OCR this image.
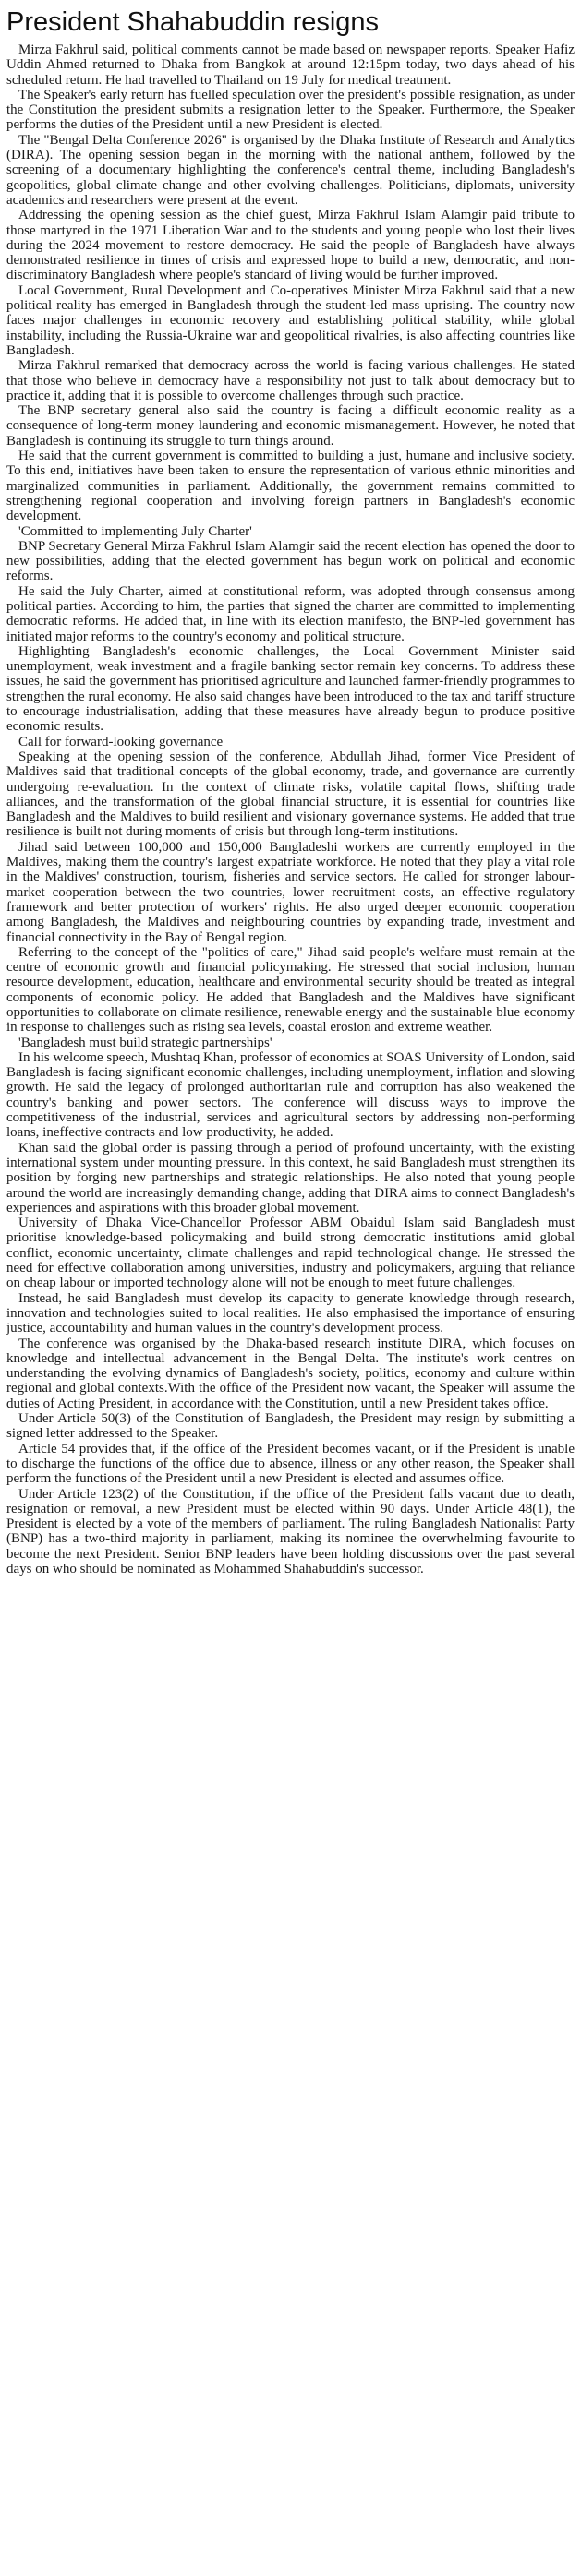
President Shahabuddin resigns

Mirza Fakhrul said, political comments cannot be made based on newspaper reports. Speaker Hafiz Uddin Ahmed returned to Dhaka from Bangkok at around 12:15pm today, two days ahead of his scheduled return. He had travelled to Thailand on 19 July for medical treatment.

The Speaker's early return has fuelled speculation over the president's possible resignation, as under the Constitution the president submits a resignation letter to the Speaker. Furthermore, the Speaker performs the duties of the President until a new President is elected.

The "Bengal Delta Conference 2026" is organised by the Dhaka Institute of Research and Analytics (DIRA). The opening session began in the morning with the national anthem, followed by the screening of a documentary highlighting the conference's central theme, including Bangladesh's geopolitics, global climate change and other evolving challenges. Politicians, diplomats, university academics and researchers were present at the event.

Addressing the opening session as the chief guest, Mirza Fakhrul Islam Alamgir paid tribute to those martyred in the 1971 Liberation War and to the students and young people who lost their lives during the 2024 movement to restore democracy. He said the people of Bangladesh have always demonstrated resilience in times of crisis and expressed hope to build a new, democratic, and non-discriminatory Bangladesh where people's standard of living would be further improved.

Local Government, Rural Development and Co-operatives Minister Mirza Fakhrul said that a new political reality has emerged in Bangladesh through the student-led mass uprising. The country now faces major challenges in economic recovery and establishing political stability, while global instability, including the Russia-Ukraine war and geopolitical rivalries, is also affecting countries like Bangladesh.

Mirza Fakhrul remarked that democracy across the world is facing various challenges. He stated that those who believe in democracy have a responsibility not just to talk about democracy but to practice it, adding that it is possible to overcome challenges through such practice.

The BNP secretary general also said the country is facing a difficult economic reality as a consequence of long-term money laundering and economic mismanagement. However, he noted that Bangladesh is continuing its struggle to turn things around.

He said that the current government is committed to building a just, humane and inclusive society. To this end, initiatives have been taken to ensure the representation of various ethnic minorities and marginalized communities in parliament. Additionally, the government remains committed to strengthening regional cooperation and involving foreign partners in Bangladesh's economic development.

'Committed to implementing July Charter'

BNP Secretary General Mirza Fakhrul Islam Alamgir said the recent election has opened the door to new possibilities, adding that the elected government has begun work on political and economic reforms.

He said the July Charter, aimed at constitutional reform, was adopted through consensus among political parties. According to him, the parties that signed the charter are committed to implementing democratic reforms. He added that, in line with its election manifesto, the BNP-led government has initiated major reforms to the country's economy and political structure.

Highlighting Bangladesh's economic challenges, the Local Government Minister said unemployment, weak investment and a fragile banking sector remain key concerns. To address these issues, he said the government has prioritised agriculture and launched farmer-friendly programmes to strengthen the rural economy. He also said changes have been introduced to the tax and tariff structure to encourage industrialisation, adding that these measures have already begun to produce positive economic results.

Call for forward-looking governance

Speaking at the opening session of the conference, Abdullah Jihad, former Vice President of Maldives said that traditional concepts of the global economy, trade, and governance are currently undergoing re-evaluation. In the context of climate risks, volatile capital flows, shifting trade alliances, and the transformation of the global financial structure, it is essential for countries like Bangladesh and the Maldives to build resilient and visionary governance systems. He added that true resilience is built not during moments of crisis but through long-term institutions.

Jihad said between 100,000 and 150,000 Bangladeshi workers are currently employed in the Maldives, making them the country's largest expatriate workforce. He noted that they play a vital role in the Maldives' construction, tourism, fisheries and service sectors. He called for stronger labour-market cooperation between the two countries, lower recruitment costs, an effective regulatory framework and better protection of workers' rights. He also urged deeper economic cooperation among Bangladesh, the Maldives and neighbouring countries by expanding trade, investment and financial connectivity in the Bay of Bengal region.

Referring to the concept of the "politics of care," Jihad said people's welfare must remain at the centre of economic growth and financial policymaking. He stressed that social inclusion, human resource development, education, healthcare and environmental security should be treated as integral components of economic policy. He added that Bangladesh and the Maldives have significant opportunities to collaborate on climate resilience, renewable energy and the sustainable blue economy in response to challenges such as rising sea levels, coastal erosion and extreme weather.

'Bangladesh must build strategic partnerships'

In his welcome speech, Mushtaq Khan, professor of economics at SOAS University of London, said Bangladesh is facing significant economic challenges, including unemployment, inflation and slowing growth. He said the legacy of prolonged authoritarian rule and corruption has also weakened the country's banking and power sectors. The conference will discuss ways to improve the competitiveness of the industrial, services and agricultural sectors by addressing non-performing loans, ineffective contracts and low productivity, he added.

Khan said the global order is passing through a period of profound uncertainty, with the existing international system under mounting pressure. In this context, he said Bangladesh must strengthen its position by forging new partnerships and strategic relationships. He also noted that young people around the world are increasingly demanding change, adding that DIRA aims to connect Bangladesh's experiences and aspirations with this broader global movement.

University of Dhaka Vice-Chancellor Professor ABM Obaidul Islam said Bangladesh must prioritise knowledge-based policymaking and build strong democratic institutions amid global conflict, economic uncertainty, climate challenges and rapid technological change. He stressed the need for effective collaboration among universities, industry and policymakers, arguing that reliance on cheap labour or imported technology alone will not be enough to meet future challenges.

Instead, he said Bangladesh must develop its capacity to generate knowledge through research, innovation and technologies suited to local realities. He also emphasised the importance of ensuring justice, accountability and human values in the country's development process.

The conference was organised by the Dhaka-based research institute DIRA, which focuses on knowledge and intellectual advancement in the Bengal Delta. The institute's work centres on understanding the evolving dynamics of Bangladesh's society, politics, economy and culture within regional and global contexts.With the office of the President now vacant, the Speaker will assume the duties of Acting President, in accordance with the Constitution, until a new President takes office.

Under Article 50(3) of the Constitution of Bangladesh, the President may resign by submitting a signed letter addressed to the Speaker.

Article 54 provides that, if the office of the President becomes vacant, or if the President is unable to discharge the functions of the office due to absence, illness or any other reason, the Speaker shall perform the functions of the President until a new President is elected and assumes office.

Under Article 123(2) of the Constitution, if the office of the President falls vacant due to death, resignation or removal, a new President must be elected within 90 days. Under Article 48(1), the President is elected by a vote of the members of parliament. The ruling Bangladesh Nationalist Party (BNP) has a two-third majority in parliament, making its nominee the overwhelming favourite to become the next President. Senior BNP leaders have been holding discussions over the past several days on who should be nominated as Mohammed Shahabuddin's successor.
